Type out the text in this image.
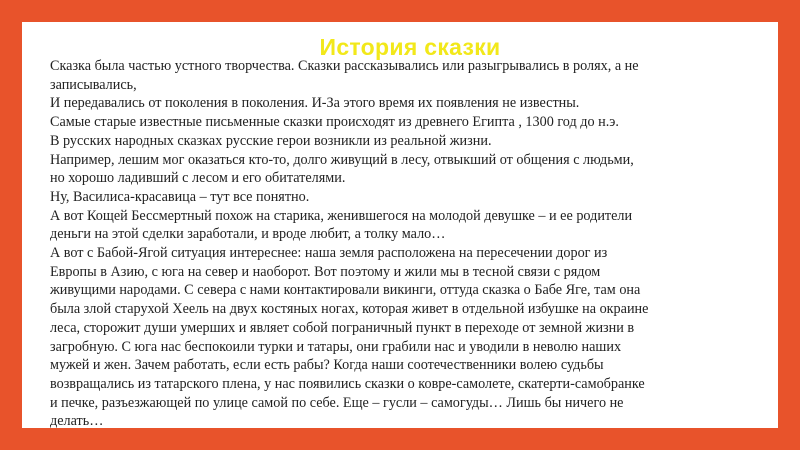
История сказки
Сказка была частью устного творчества. Сказки рассказывались или разыгрывались в ролях, а не
записывались,
И передавались от поколения в поколения. И-За этого время их появления не известны.
Самые старые известные письменные сказки происходят из древнего Египта , 1300 год до н.э.
В русских народных сказках русские герои возникли из реальной жизни.
Например, лешим мог оказаться кто-то, долго живущий в лесу, отвыкший от общения с людьми,
но хорошо ладивший с лесом и его обитателями.
Ну, Василиса-красавица – тут все понятно.
А вот Кощей Бессмертный похож на старика, женившегося на молодой девушке – и ее родители
деньги на этой сделки заработали, и вроде любит, а толку мало…
А вот с Бабой-Ягой ситуация интереснее: наша земля расположена на пересечении дорог из
Европы в Азию, с юга на север и наоборот. Вот поэтому и жили мы в тесной связи с рядом
живущими народами. С севера с нами контактировали викинги, оттуда сказка о Бабе Яге, там она
была злой старухой Хеель на двух костяных ногах, которая живет в отдельной избушке на окраине
леса, сторожит души умерших и являет собой пограничный пункт в переходе от земной жизни в
загробную. С юга нас беспокоили турки и татары, они грабили нас и уводили в неволю наших
мужей и жен. Зачем работать, если есть рабы? Когда наши соотечественники волею судьбы
возвращались из татарского плена, у нас появились сказки о ковре-самолете, скатерти-самобранке
и печке, разъезжающей по улице самой по себе. Еще – гусли – самогуды… Лишь бы ничего не
делать…
